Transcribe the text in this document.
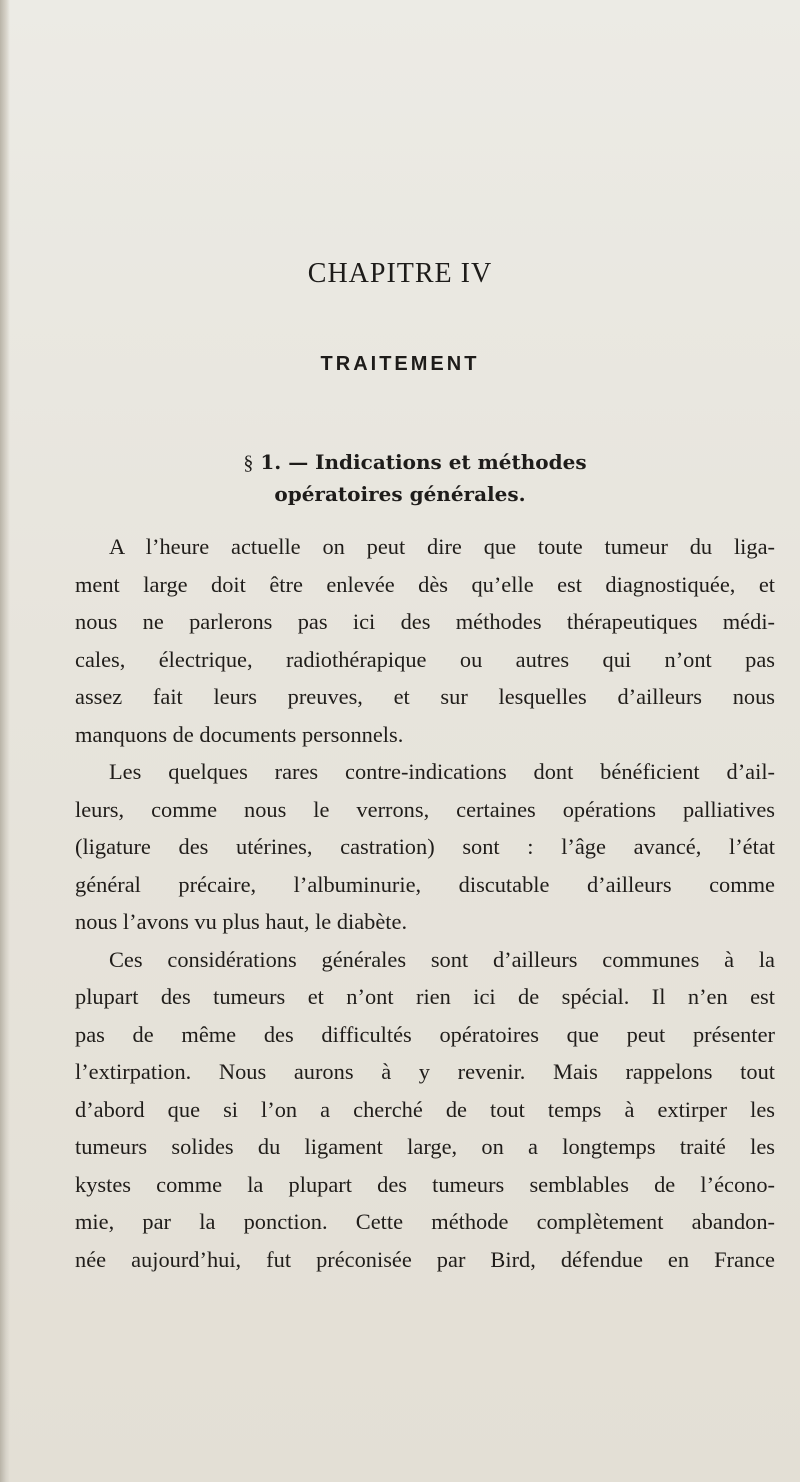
CHAPITRE IV
TRAITEMENT
§ 1. — Indications et méthodes
opératoires générales.
A l’heure actuelle on peut dire que toute tumeur du liga-
ment large doit être enlevée dès qu’elle est diagnostiquée, et
nous ne parlerons pas ici des méthodes thérapeutiques médi-
cales, électrique, radiothérapique ou autres qui n’ont pas
assez fait leurs preuves, et sur lesquelles d’ailleurs nous
manquons de documents personnels.
Les quelques rares contre-indications dont bénéficient d’ail-
leurs, comme nous le verrons, certaines opérations palliatives
(ligature des utérines, castration) sont : l’âge avancé, l’état
général précaire, l’albuminurie, discutable d’ailleurs comme
nous l’avons vu plus haut, le diabète.
Ces considérations générales sont d’ailleurs communes à la
plupart des tumeurs et n’ont rien ici de spécial. Il n’en est
pas de même des difficultés opératoires que peut présenter
l’extirpation. Nous aurons à y revenir. Mais rappelons tout
d’abord que si l’on a cherché de tout temps à extirper les
tumeurs solides du ligament large, on a longtemps traité les
kystes comme la plupart des tumeurs semblables de l’écono-
mie, par la ponction. Cette méthode complètement abandon-
née aujourd’hui, fut préconisée par Bird, défendue en France
